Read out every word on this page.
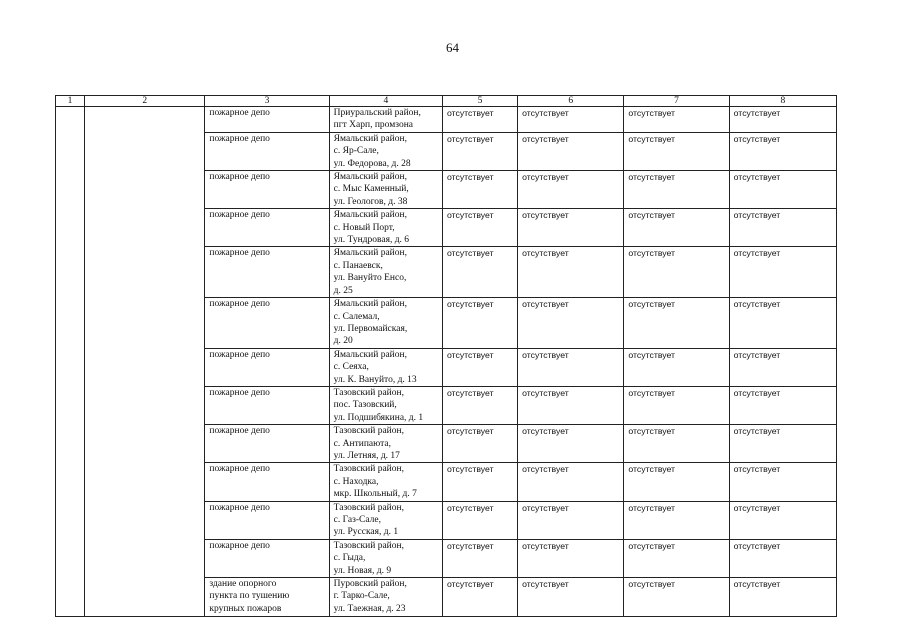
64
1	2	3	4	5	6	7	8

		пожарное депо	Приуральский район,
пгт Харп, промзона	отсутствует	отсутствует	отсутствует	отсутствует

		пожарное депо	Ямальский район,
с. Яр-Сале,
ул. Федорова, д. 28	отсутствует	отсутствует	отсутствует	отсутствует

		пожарное депо	Ямальский район,
с. Мыс Каменный,
ул. Геологов, д. 38	отсутствует	отсутствует	отсутствует	отсутствует

		пожарное депо	Ямальский район,
с. Новый Порт,
ул. Тундровая, д. 6	отсутствует	отсутствует	отсутствует	отсутствует

		пожарное депо	Ямальский район,
с. Панаевск,
ул. Вануйто Енсо,
д. 25	отсутствует	отсутствует	отсутствует	отсутствует

		пожарное депо	Ямальский район,
с. Салемал,
ул. Первомайская,
д. 20	отсутствует	отсутствует	отсутствует	отсутствует

		пожарное депо	Ямальский район,
с. Сеяха,
ул. К. Вануйто, д. 13	отсутствует	отсутствует	отсутствует	отсутствует

		пожарное депо	Тазовский район,
пос. Тазовский,
ул. Подшибякина, д. 1	отсутствует	отсутствует	отсутствует	отсутствует

		пожарное депо	Тазовский район,
с. Антипаюта,
ул. Летняя, д. 17	отсутствует	отсутствует	отсутствует	отсутствует

		пожарное депо	Тазовский район,
с. Находка,
мкр. Школьный, д. 7	отсутствует	отсутствует	отсутствует	отсутствует

		пожарное депо	Тазовский район,
с. Газ-Сале,
ул. Русская, д. 1	отсутствует	отсутствует	отсутствует	отсутствует

		пожарное депо	Тазовский район,
с. Гыда,
ул. Новая, д. 9	отсутствует	отсутствует	отсутствует	отсутствует

		здание опорного
пункта по тушению
крупных пожаров	Пуровский район,
г. Тарко-Сале,
ул. Таежная, д. 23	отсутствует	отсутствует	отсутствует	отсутствует
